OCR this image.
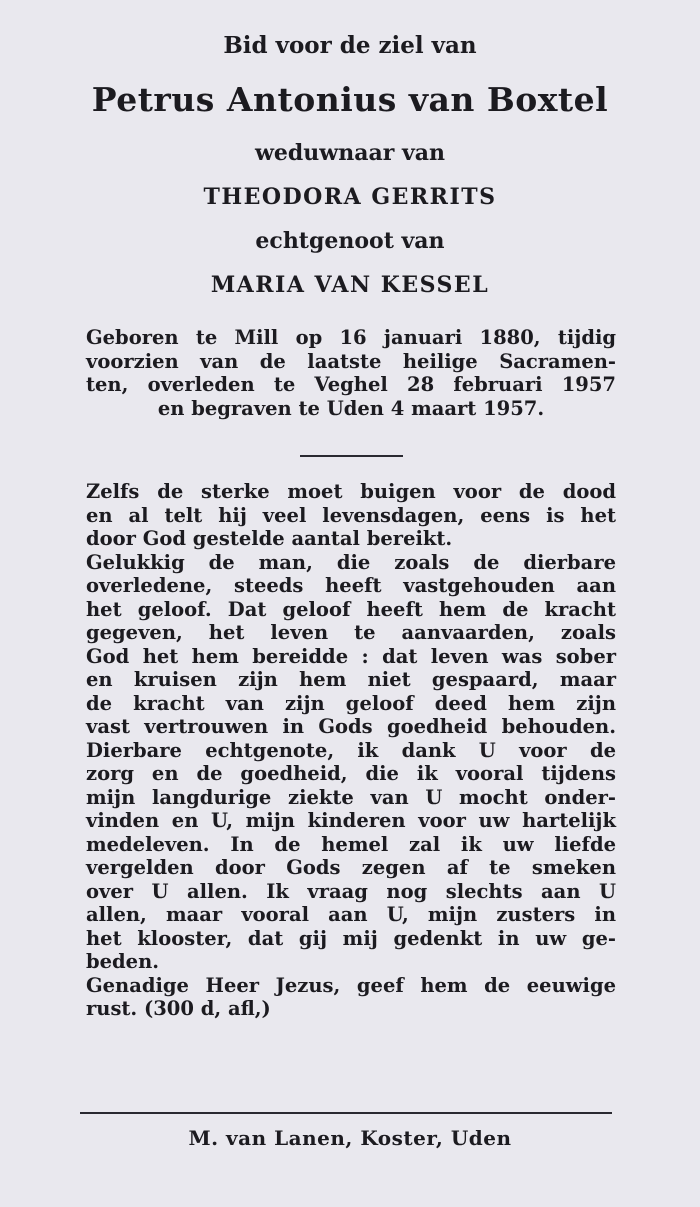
Bid voor de ziel van
Petrus Antonius van Boxtel
weduwnaar van
THEODORA GERRITS
echtgenoot van
MARIA VAN KESSEL
Geboren te Mill op 16 januari 1880, tijdig
voorzien van de laatste heilige Sacramen-
ten, overleden te Veghel 28 februari 1957
en begraven te Uden 4 maart 1957.
Zelfs de sterke moet buigen voor de dood
en al telt hij veel levensdagen, eens is het
door God gestelde aantal bereikt.
Gelukkig de man, die zoals de dierbare
overledene, steeds heeft vastgehouden aan
het geloof. Dat geloof heeft hem de kracht
gegeven, het leven te aanvaarden, zoals
God het hem bereidde : dat leven was sober
en kruisen zijn hem niet gespaard, maar
de kracht van zijn geloof deed hem zijn
vast vertrouwen in Gods goedheid behouden.
Dierbare echtgenote, ik dank U voor de
zorg en de goedheid, die ik vooral tijdens
mijn langdurige ziekte van U mocht onder-
vinden en U, mijn kinderen voor uw hartelijk
medeleven. In de hemel zal ik uw liefde
vergelden door Gods zegen af te smeken
over U allen. Ik vraag nog slechts aan U
allen, maar vooral aan U, mijn zusters in
het klooster, dat gij mij gedenkt in uw ge-
beden.
Genadige Heer Jezus, geef hem de eeuwige
rust. (300 d, afl,)
M. van Lanen, Koster, Uden
